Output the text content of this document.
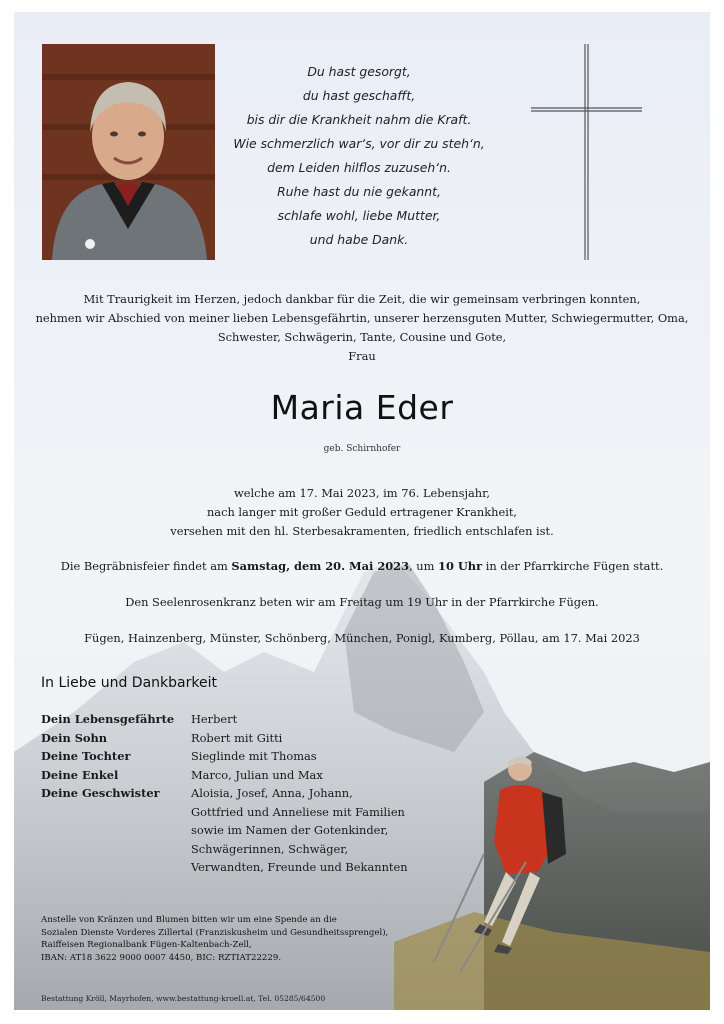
Du hast gesorgt,
du hast geschafft,
bis dir die Krankheit nahm die Kraft.
Wie schmerzlich war‘s, vor dir zu steh‘n,
dem Leiden hilflos zuzuseh‘n.
Ruhe hast du nie gekannt,
schlafe wohl, liebe Mutter,
und habe Dank.
Mit Traurigkeit im Herzen, jedoch dankbar für die Zeit, die wir gemeinsam verbringen konnten,
nehmen wir Abschied von meiner lieben Lebensgefährtin, unserer herzensguten Mutter, Schwiegermutter, Oma,
Schwester, Schwägerin, Tante, Cousine und Gote,
Frau
Maria Eder
geb. Schirnhofer
welche am 17. Mai 2023, im 76. Lebensjahr,
nach langer mit großer Geduld ertragener Krankheit,
versehen mit den hl. Sterbesakramenten, friedlich entschlafen ist.
Die Begräbnisfeier findet am Samstag, dem 20. Mai 2023, um 10 Uhr in der Pfarrkirche Fügen statt.
Den Seelenrosenkranz beten wir am Freitag um 19 Uhr in der Pfarrkirche Fügen.
Fügen, Hainzenberg, Münster, Schönberg, München, Ponigl, Kumberg, Pöllau, am 17. Mai 2023
In Liebe und Dankbarkeit
Dein Lebensgefährte	Herbert
Dein Sohn	Robert mit Gitti
Deine Tochter	Sieglinde mit Thomas
Deine Enkel	Marco, Julian und Max
Deine Geschwister	Aloisia, Josef, Anna, Johann,
Gottfried und Anneliese mit Familien
sowie im Namen der Gotenkinder,
Schwägerinnen, Schwäger,
Verwandten, Freunde und Bekannten
Anstelle von Kränzen und Blumen bitten wir um eine Spende an die
Sozialen Dienste Vorderes Zillertal (Franziskusheim und Gesundheitssprengel),
Raiffeisen Regionalbank Fügen-Kaltenbach-Zell,
IBAN: AT18 3622 9000 0007 4450, BIC: RZTIAT22229.
Bestattung Kröll, Mayrhofen, www.bestattung-kroell.at, Tel. 05285/64500
